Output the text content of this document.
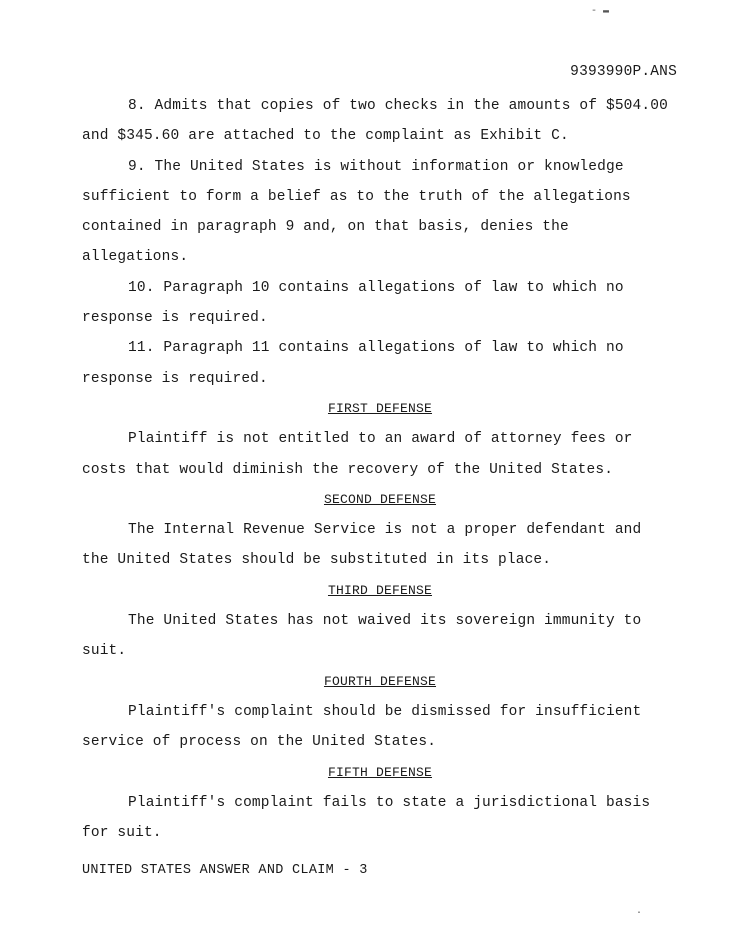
- ▬
9393990P.ANS

8. Admits that copies of two checks in the amounts of $504.00 and $345.60 are attached to the complaint as Exhibit C.

9. The United States is without information or knowledge sufficient to form a belief as to the truth of the allegations contained in paragraph 9 and, on that basis, denies the allegations.

10. Paragraph 10 contains allegations of law to which no response is required.

11. Paragraph 11 contains allegations of law to which no response is required.

FIRST DEFENSE

Plaintiff is not entitled to an award of attorney fees or costs that would diminish the recovery of the United States.

SECOND DEFENSE

The Internal Revenue Service is not a proper defendant and the United States should be substituted in its place.

THIRD DEFENSE

The United States has not waived its sovereign immunity to suit.

FOURTH DEFENSE

Plaintiff's complaint should be dismissed for insufficient service of process on the United States.

FIFTH DEFENSE

Plaintiff's complaint fails to state a jurisdictional basis for suit.

UNITED STATES ANSWER AND CLAIM - 3
.
